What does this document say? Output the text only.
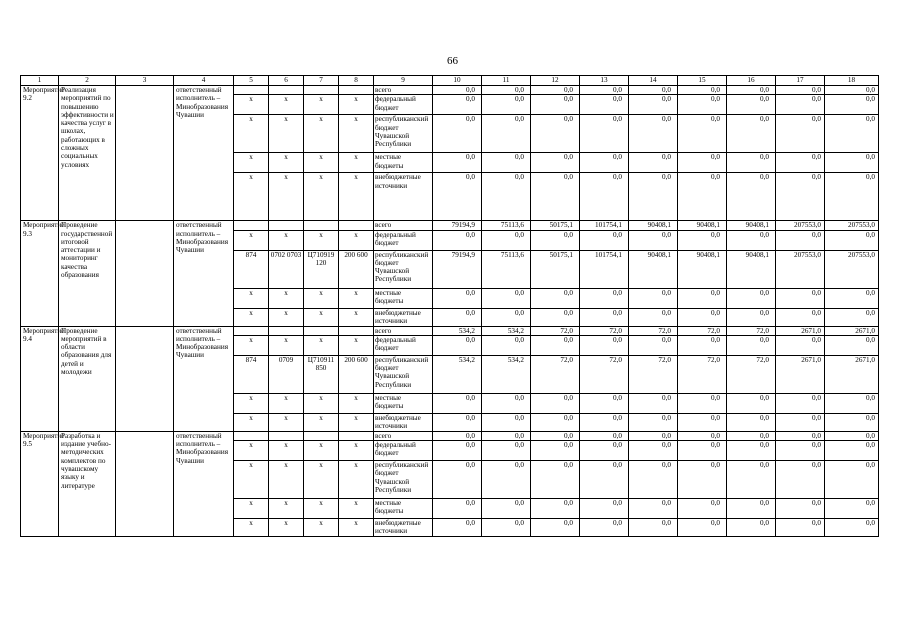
66
1	2	3	4	5	6	7	8	9	10	11	12	13	14	15	16	17	18
Мероприятие 9.2	Реализация мероприятий по повышению эффективности и качества услуг в школах, работающих в сложных социальных условиях		ответственный исполнитель – Минобразования Чувашии					всего	0,0	0,0	0,0	0,0	0,0	0,0	0,0	0,0	0,0
				x	x	x	x	федеральный бюджет	0,0	0,0	0,0	0,0	0,0	0,0	0,0	0,0	0,0
				x	x	x	x	республиканский бюджет Чувашской Республики	0,0	0,0	0,0	0,0	0,0	0,0	0,0	0,0	0,0
				x	x	x	x	местные бюджеты	0,0	0,0	0,0	0,0	0,0	0,0	0,0	0,0	0,0
				x	x	x	x	внебюджетные источники	0,0	0,0	0,0	0,0	0,0	0,0	0,0	0,0	0,0
Мероприятие 9.3	Проведение государственной итоговой аттестации и мониторинг качества образования		ответственный исполнитель – Минобразования Чувашии					всего	79194,9	75113,6	50175,1	101754,1	90408,1	90408,1	90408,1	207553,0	207553,0
				x	x	x	x	федеральный бюджет	0,0	0,0	0,0	0,0	0,0	0,0	0,0	0,0	0,0
				874	0702 0703	Ц710919 120	200 600	республиканский бюджет Чувашской Республики	79194,9	75113,6	50175,1	101754,1	90408,1	90408,1	90408,1	207553,0	207553,0
				x	x	x	x	местные бюджеты	0,0	0,0	0,0	0,0	0,0	0,0	0,0	0,0	0,0
				x	x	x	x	внебюджетные источники	0,0	0,0	0,0	0,0	0,0	0,0	0,0	0,0	0,0
Мероприятие 9.4	Проведение мероприятий в области образования для детей и молодежи		ответственный исполнитель – Минобразования Чувашии					всего	534,2	534,2	72,0	72,0	72,0	72,0	72,0	2671,0	2671,0
				x	x	x	x	федеральный бюджет	0,0	0,0	0,0	0,0	0,0	0,0	0,0	0,0	0,0
				874	0709	Ц710911 850	200 600	республиканский бюджет Чувашской Республики	534,2	534,2	72,0	72,0	72,0	72,0	72,0	2671,0	2671,0
				x	x	x	x	местные бюджеты	0,0	0,0	0,0	0,0	0,0	0,0	0,0	0,0	0,0
				x	x	x	x	внебюджетные источники	0,0	0,0	0,0	0,0	0,0	0,0	0,0	0,0	0,0
Мероприятие 9.5	Разработка и издание учебно-методических комплектов по чувашскому языку и литературе		ответственный исполнитель – Минобразования Чувашии					всего	0,0	0,0	0,0	0,0	0,0	0,0	0,0	0,0	0,0
				x	x	x	x	федеральный бюджет	0,0	0,0	0,0	0,0	0,0	0,0	0,0	0,0	0,0
				x	x	x	x	республиканский бюджет Чувашской Республики	0,0	0,0	0,0	0,0	0,0	0,0	0,0	0,0	0,0
				x	x	x	x	местные бюджеты	0,0	0,0	0,0	0,0	0,0	0,0	0,0	0,0	0,0
				x	x	x	x	внебюджетные источники	0,0	0,0	0,0	0,0	0,0	0,0	0,0	0,0	0,0
